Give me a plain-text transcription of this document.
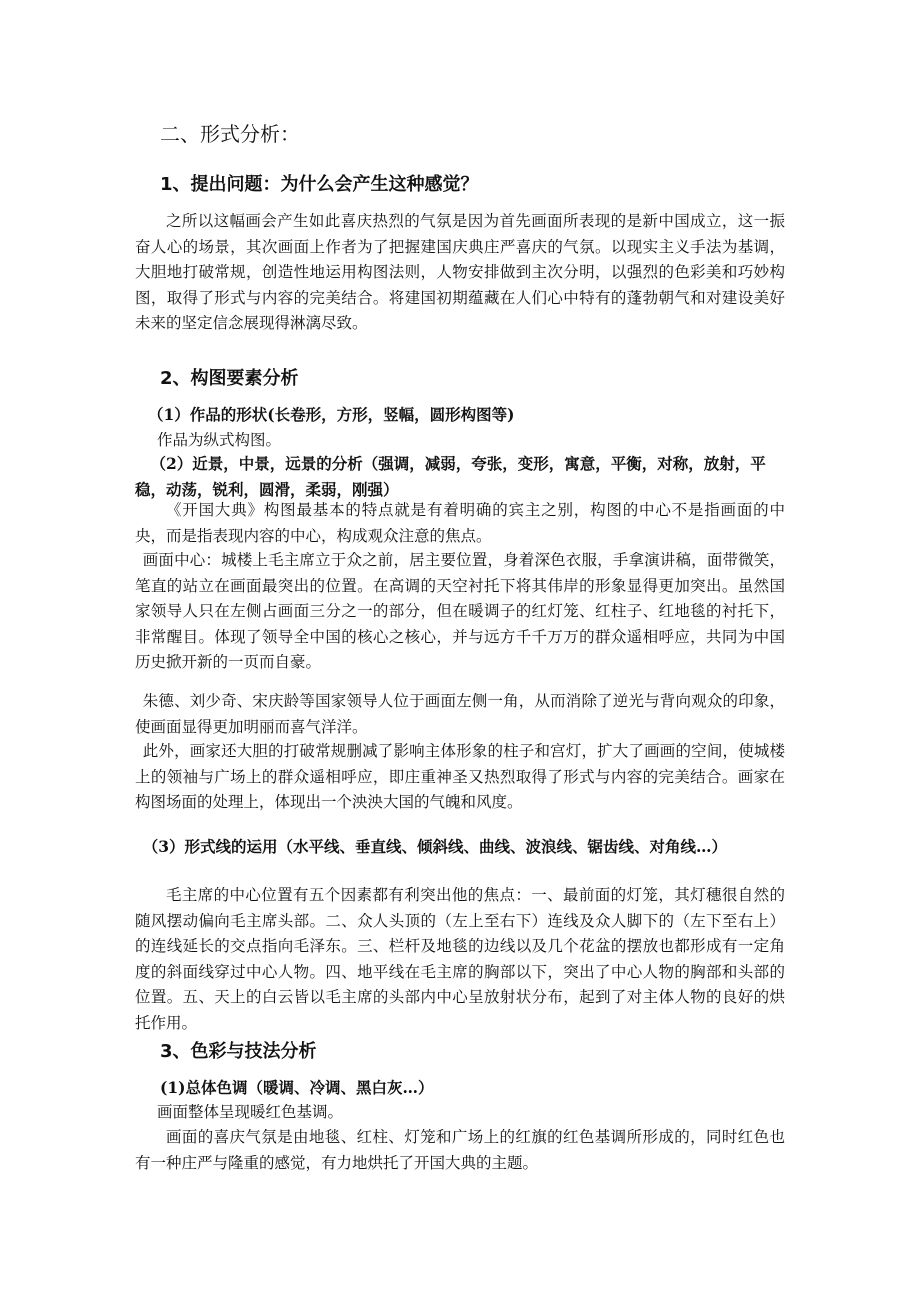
二、形式分析：

1、提出问题：为什么会产生这种感觉？

之所以这幅画会产生如此喜庆热烈的气氛是因为首先画面所表现的是新中国成立，这一振奋人心的场景，其次画面上作者为了把握建国庆典庄严喜庆的气氛。以现实主义手法为基调，大胆地打破常规，创造性地运用构图法则，人物安排做到主次分明，以强烈的色彩美和巧妙构图，取得了形式与内容的完美结合。将建国初期蕴藏在人们心中特有的蓬勃朝气和对建设美好未来的坚定信念展现得淋漓尽致。

2、构图要素分析

（1）作品的形状(长卷形，方形，竖幅，圆形构图等)

作品为纵式构图。

（2）近景，中景，远景的分析（强调，减弱，夸张，变形，寓意，平衡，对称，放射，平稳，动荡，锐利，圆滑，柔弱，刚强）

《开国大典》构图最基本的特点就是有着明确的宾主之别，构图的中心不是指画面的中央，而是指表现内容的中心，构成观众注意的焦点。

画面中心：城楼上毛主席立于众之前，居主要位置，身着深色衣服，手拿演讲稿，面带微笑，笔直的站立在画面最突出的位置。在高调的天空衬托下将其伟岸的形象显得更加突出。虽然国家领导人只在左侧占画面三分之一的部分，但在暖调子的红灯笼、红柱子、红地毯的衬托下，非常醒目。体现了领导全中国的核心之核心，并与远方千千万万的群众遥相呼应，共同为中国历史掀开新的一页而自豪。

朱德、刘少奇、宋庆龄等国家领导人位于画面左侧一角，从而消除了逆光与背向观众的印象，使画面显得更加明丽而喜气洋洋。

此外，画家还大胆的打破常规删减了影响主体形象的柱子和宫灯，扩大了画画的空间，使城楼上的领袖与广场上的群众遥相呼应，即庄重神圣又热烈取得了形式与内容的完美结合。画家在构图场面的处理上，体现出一个泱泱大国的气魄和风度。

（3）形式线的运用（水平线、垂直线、倾斜线、曲线、波浪线、锯齿线、对角线…）

毛主席的中心位置有五个因素都有利突出他的焦点：一、最前面的灯笼，其灯穗很自然的随风摆动偏向毛主席头部。二、众人头顶的（左上至右下）连线及众人脚下的（左下至右上）的连线延长的交点指向毛泽东。三、栏杆及地毯的边线以及几个花盆的摆放也都形成有一定角度的斜面线穿过中心人物。四、地平线在毛主席的胸部以下，突出了中心人物的胸部和头部的位置。五、天上的白云皆以毛主席的头部内中心呈放射状分布，起到了对主体人物的良好的烘托作用。

3、色彩与技法分析

(1)总体色调（暖调、冷调、黑白灰…）

画面整体呈现暖红色基调。

画面的喜庆气氛是由地毯、红柱、灯笼和广场上的红旗的红色基调所形成的，同时红色也有一种庄严与隆重的感觉，有力地烘托了开国大典的主题。
